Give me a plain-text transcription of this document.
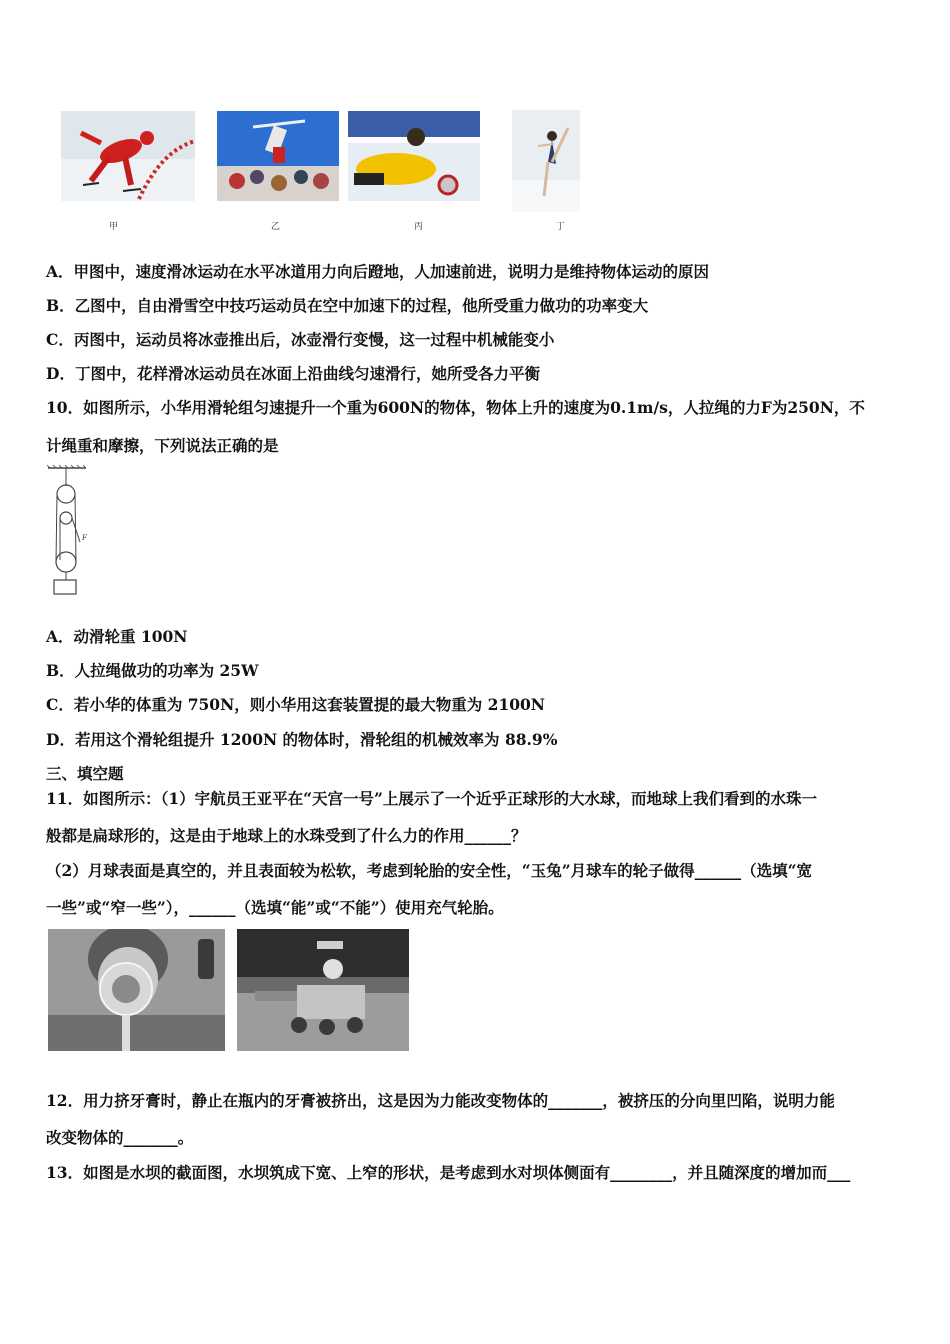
甲	乙	丙	丁
A．甲图中，速度滑冰运动在水平冰道用力向后蹬地，人加速前进，说明力是维持物体运动的原因
B．乙图中，自由滑雪空中技巧运动员在空中加速下的过程，他所受重力做功的功率变大
C．丙图中，运动员将冰壶推出后，冰壶滑行变慢，这一过程中机械能变小
D．丁图中，花样滑冰运动员在冰面上沿曲线匀速滑行，她所受各力平衡
10．如图所示，小华用滑轮组匀速提升一个重为600N的物体，物体上升的速度为0.1m/s，人拉绳的力F为250N，不
计绳重和摩擦，下列说法正确的是
F
A．动滑轮重 100N
B．人拉绳做功的功率为 25W
C．若小华的体重为 750N，则小华用这套装置提的最大物重为 2100N
D．若用这个滑轮组提升 1200N 的物体时，滑轮组的机械效率为 88.9%
三、填空题
11．如图所示：（1）宇航员王亚平在“天宫一号”上展示了一个近乎正球形的大水球，而地球上我们看到的水珠一
般都是扁球形的，这是由于地球上的水珠受到了什么力的作用______？
（2）月球表面是真空的，并且表面较为松软，考虑到轮胎的安全性，“玉兔”月球车的轮子做得______（选填“宽
一些”或“窄一些”），______（选填“能”或“不能”）使用充气轮胎。
12．用力挤牙膏时，静止在瓶内的牙膏被挤出，这是因为力能改变物体的_______，被挤压的分向里凹陷，说明力能
改变物体的_______。
13．如图是水坝的截面图，水坝筑成下宽、上窄的形状，是考虑到水对坝体侧面有________，并且随深度的增加而___
